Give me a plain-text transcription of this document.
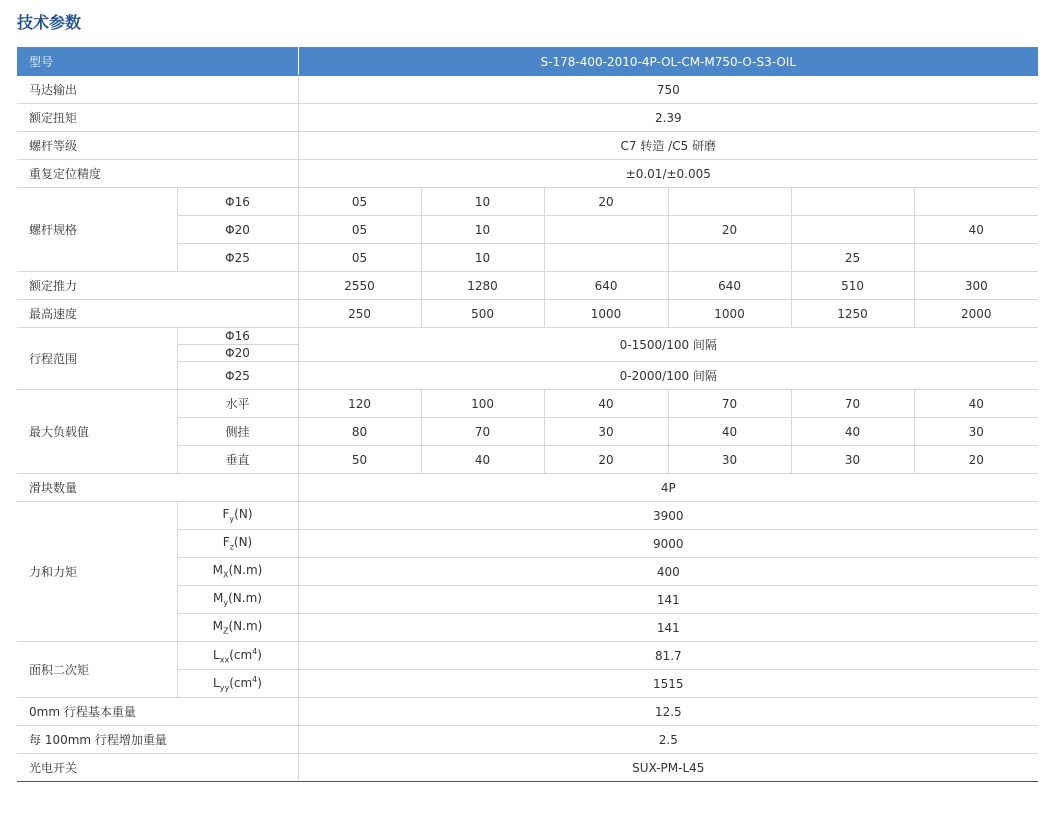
技术参数
型号		S-178-400-2010-4P-OL-CM-M750-O-S3-OIL					
马达输出		750					
额定扭矩		2.39					
螺杆等级		C7 转造 /C5 研磨					
重复定位精度		±0.01/±0.005					
螺杆规格	Φ16	05	10	20			
	Φ20	05	10		20		40
	Φ25	05	10			25	
额定推力		2550	1280	640	640	510	300
最高速度		250	500	1000	1000	1250	2000
行程范围	Φ16	0-1500/100 间隔					
	Φ20						
	Φ25	0-2000/100 间隔					
最大负载值	水平	120	100	40	70	70	40
	侧挂	80	70	30	40	40	30
	垂直	50	40	20	30	30	20
滑块数量		4P					
力和力矩	$F_y(N)$	3900					
	$F_z(N)$	9000					
	$M_X(N.m)$	400					
	$M_y(N.m)$	141					
	$M_Z(N.m)$	141					
面积二次矩	$L_{xx}(cm^4)$	81.7					
	$L_{yy}(cm^4)$	1515					
0mm 行程基本重量		12.5					
每 100mm 行程增加重量		2.5					
光电开关		SUX-PM-L45					
